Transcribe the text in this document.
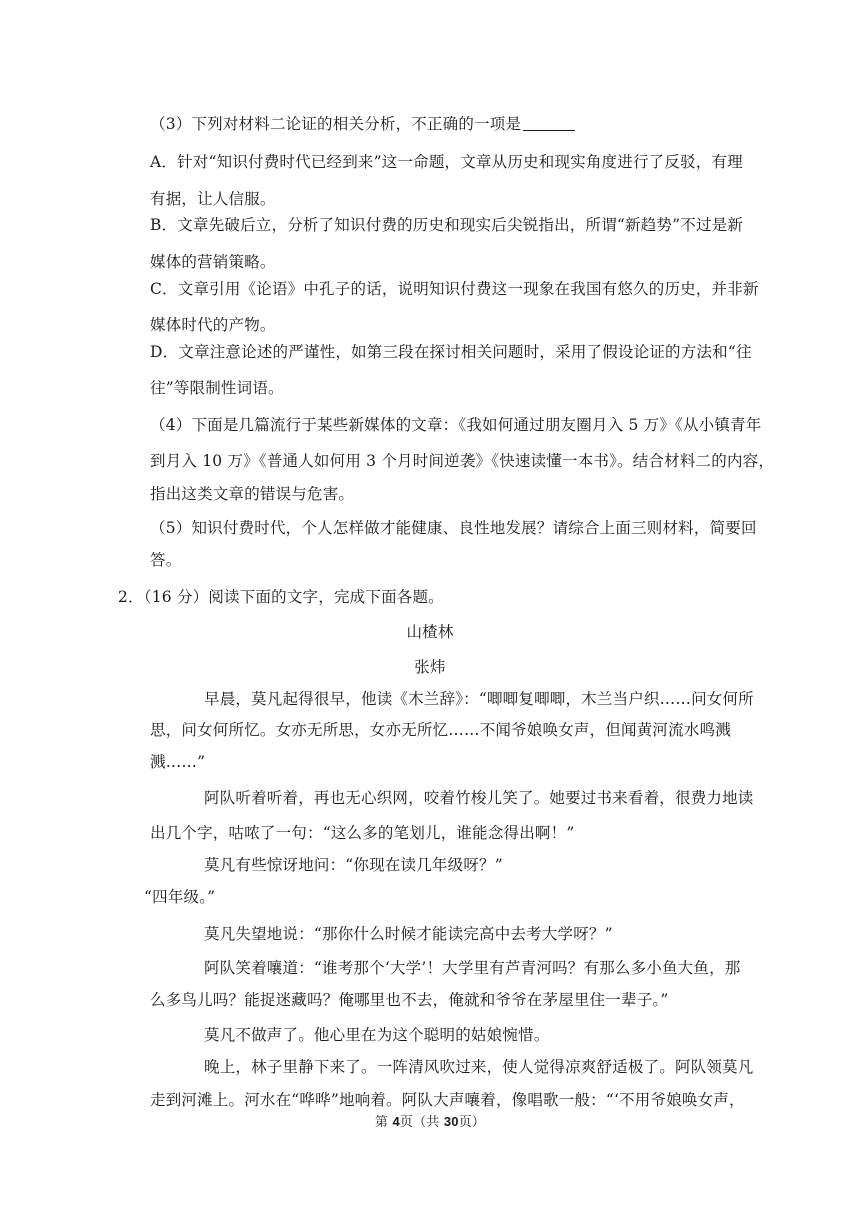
（3）下列对材料二论证的相关分析，不正确的一项是
A．针对“知识付费时代已经到来”这一命题，文章从历史和现实角度进行了反驳，有理
有据，让人信服。
B．文章先破后立，分析了知识付费的历史和现实后尖锐指出，所谓“新趋势”不过是新
媒体的营销策略。
C．文章引用《论语》中孔子的话，说明知识付费这一现象在我国有悠久的历史，并非新
媒体时代的产物。
D．文章注意论述的严谨性，如第三段在探讨相关问题时，采用了假设论证的方法和“往
往”等限制性词语。
（4）下面是几篇流行于某些新媒体的文章：《我如何通过朋友圈月入 5 万》《从小镇青年
到月入 10 万》《普通人如何用 3 个月时间逆袭》《快速读懂一本书》。结合材料二的内容，
指出这类文章的错误与危害。
（5）知识付费时代，个人怎样做才能健康、良性地发展？请综合上面三则材料，简要回
答。
2．（16 分）阅读下面的文字，完成下面各题。
山楂林
张炜
早晨，莫凡起得很早，他读《木兰辞》：“唧唧复唧唧，木兰当户织……问女何所
思，问女何所忆。女亦无所思，女亦无所忆……不闻爷娘唤女声，但闻黄河流水鸣溅
溅……”
阿队听着听着，再也无心织网，咬着竹梭儿笑了。她要过书来看着，很费力地读
出几个字，咕哝了一句：“这么多的笔划儿，谁能念得出啊！”
莫凡有些惊讶地问：“你现在读几年级呀？”
“四年级。”
莫凡失望地说：“那你什么时候才能读完高中去考大学呀？”
阿队笑着嚷道：“谁考那个‘大学’！大学里有芦青河吗？有那么多小鱼大鱼，那
么多鸟儿吗？能捉迷藏吗？俺哪里也不去，俺就和爷爷在茅屋里住一辈子。”
莫凡不做声了。他心里在为这个聪明的姑娘惋惜。
晚上，林子里静下来了。一阵清风吹过来，使人觉得凉爽舒适极了。阿队领莫凡
走到河滩上。河水在“哗哗”地响着。阿队大声嚷着，像唱歌一般：“‘不用爷娘唤女声，
第 4页（共 30页）
